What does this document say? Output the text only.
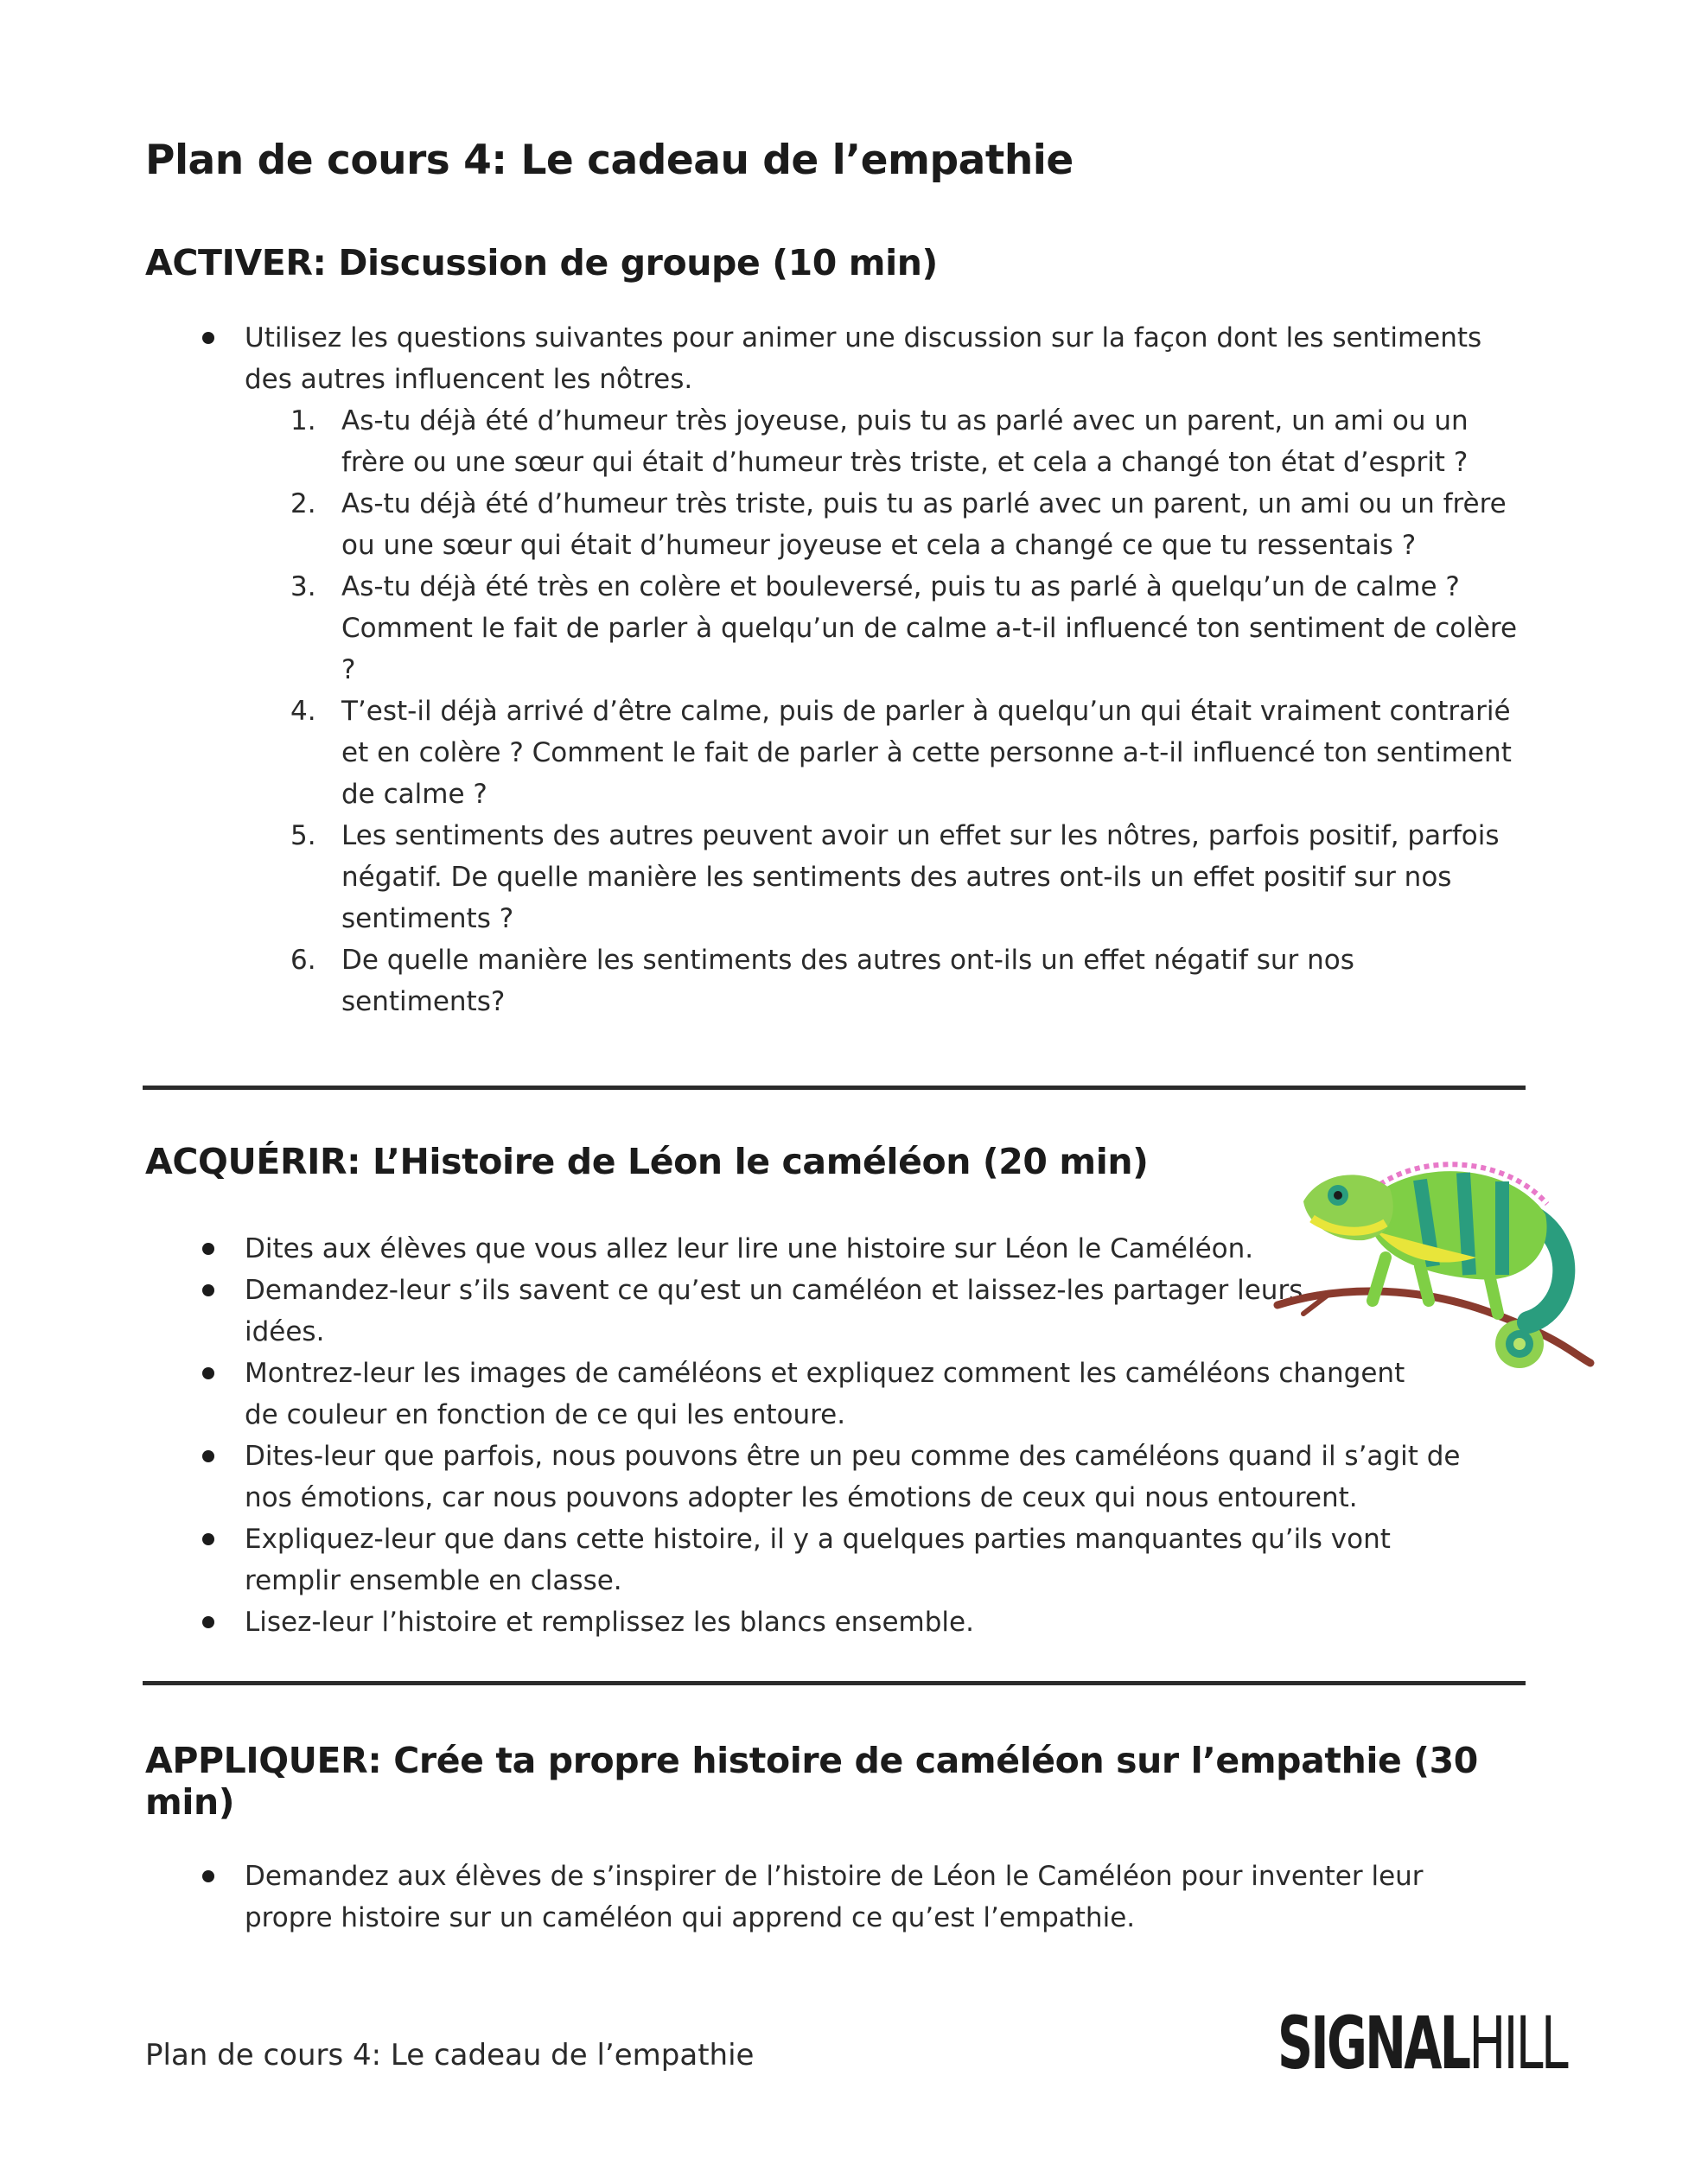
Plan de cours 4: Le cadeau de l’empathie
ACTIVER: Discussion de groupe (10 min)
Utilisez les questions suivantes pour animer une discussion sur la façon dont les sentiments des autres influencent les nôtres.
1. As-tu déjà été d’humeur très joyeuse, puis tu as parlé avec un parent, un ami ou un frère ou une sœur qui était d’humeur très triste, et cela a changé ton état d’esprit ?
2. As-tu déjà été d’humeur très triste, puis tu as parlé avec un parent, un ami ou un frère ou une sœur qui était d’humeur joyeuse et cela a changé ce que tu ressentais ?
3. As-tu déjà été très en colère et bouleversé, puis tu as parlé à quelqu’un de calme ? Comment le fait de parler à quelqu’un de calme a-t-il influencé ton sentiment de colère ?
4. T’est-il déjà arrivé d’être calme, puis de parler à quelqu’un qui était vraiment contrarié et en colère ? Comment le fait de parler à cette personne a-t-il influencé ton sentiment de calme ?
5. Les sentiments des autres peuvent avoir un effet sur les nôtres, parfois positif, parfois négatif. De quelle manière les sentiments des autres ont-ils un effet positif sur nos sentiments ?
6. De quelle manière les sentiments des autres ont-ils un effet négatif sur nos sentiments?
ACQUÉRIR: L’Histoire de Léon le caméléon (20 min)
Dites aux élèves que vous allez leur lire une histoire sur Léon le Caméléon.
Demandez-leur s’ils savent ce qu’est un caméléon et laissez-les partager leurs idées.
Montrez-leur les images de caméléons et expliquez comment les caméléons changent de couleur en fonction de ce qui les entoure.
Dites-leur que parfois, nous pouvons être un peu comme des caméléons quand il s’agit de nos émotions, car nous pouvons adopter les émotions de ceux qui nous entourent.
Expliquez-leur que dans cette histoire, il y a quelques parties manquantes qu’ils vont remplir ensemble en classe.
Lisez-leur l’histoire et remplissez les blancs ensemble.
APPLIQUER: Crée ta propre histoire de caméléon sur l’empathie (30 min)
Demandez aux élèves de s’inspirer de l’histoire de Léon le Caméléon pour inventer leur propre histoire sur un caméléon qui apprend ce qu’est l’empathie.
Plan de cours 4: Le cadeau de l’empathie	SIGNALHILL
